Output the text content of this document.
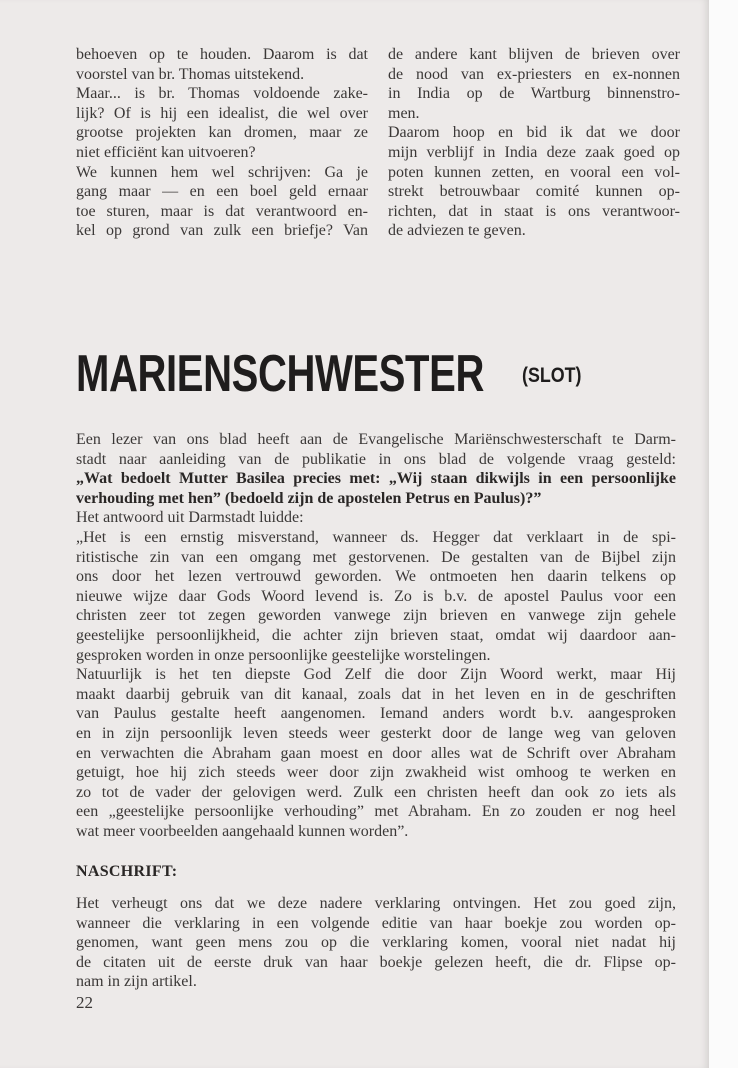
behoeven op te houden. Daarom is dat
voorstel van br. Thomas uitstekend.
Maar... is br. Thomas voldoende zake-
lijk? Of is hij een idealist, die wel over
grootse projekten kan dromen, maar ze
niet efficiënt kan uitvoeren?
We kunnen hem wel schrijven: Ga je
gang maar — en een boel geld ernaar
toe sturen, maar is dat verantwoord en-
kel op grond van zulk een briefje? Van
de andere kant blijven de brieven over
de nood van ex-priesters en ex-nonnen
in India op de Wartburg binnenstro-
men.
Daarom hoop en bid ik dat we door
mijn verblijf in India deze zaak goed op
poten kunnen zetten, en vooral een vol-
strekt betrouwbaar comité kunnen op-
richten, dat in staat is ons verantwoor-
de adviezen te geven.
MARIENSCHWESTER (SLOT)
Een lezer van ons blad heeft aan de Evangelische Mariënschwesterschaft te Darm-
stadt naar aanleiding van de publikatie in ons blad de volgende vraag gesteld:
„Wat bedoelt Mutter Basilea precies met: „Wij staan dikwijls in een persoonlijke
verhouding met hen” (bedoeld zijn de apostelen Petrus en Paulus)?”
Het antwoord uit Darmstadt luidde:
„Het is een ernstig misverstand, wanneer ds. Hegger dat verklaart in de spi-
ritistische zin van een omgang met gestorvenen. De gestalten van de Bijbel zijn
ons door het lezen vertrouwd geworden. We ontmoeten hen daarin telkens op
nieuwe wijze daar Gods Woord levend is. Zo is b.v. de apostel Paulus voor een
christen zeer tot zegen geworden vanwege zijn brieven en vanwege zijn gehele
geestelijke persoonlijkheid, die achter zijn brieven staat, omdat wij daardoor aan-
gesproken worden in onze persoonlijke geestelijke worstelingen.
Natuurlijk is het ten diepste God Zelf die door Zijn Woord werkt, maar Hij
maakt daarbij gebruik van dit kanaal, zoals dat in het leven en in de geschriften
van Paulus gestalte heeft aangenomen. Iemand anders wordt b.v. aangesproken
en in zijn persoonlijk leven steeds weer gesterkt door de lange weg van geloven
en verwachten die Abraham gaan moest en door alles wat de Schrift over Abraham
getuigt, hoe hij zich steeds weer door zijn zwakheid wist omhoog te werken en
zo tot de vader der gelovigen werd. Zulk een christen heeft dan ook zo iets als
een „geestelijke persoonlijke verhouding” met Abraham. En zo zouden er nog heel
wat meer voorbeelden aangehaald kunnen worden”.
NASCHRIFT:
Het verheugt ons dat we deze nadere verklaring ontvingen. Het zou goed zijn,
wanneer die verklaring in een volgende editie van haar boekje zou worden op-
genomen, want geen mens zou op die verklaring komen, vooral niet nadat hij
de citaten uit de eerste druk van haar boekje gelezen heeft, die dr. Flipse op-
nam in zijn artikel.
22
